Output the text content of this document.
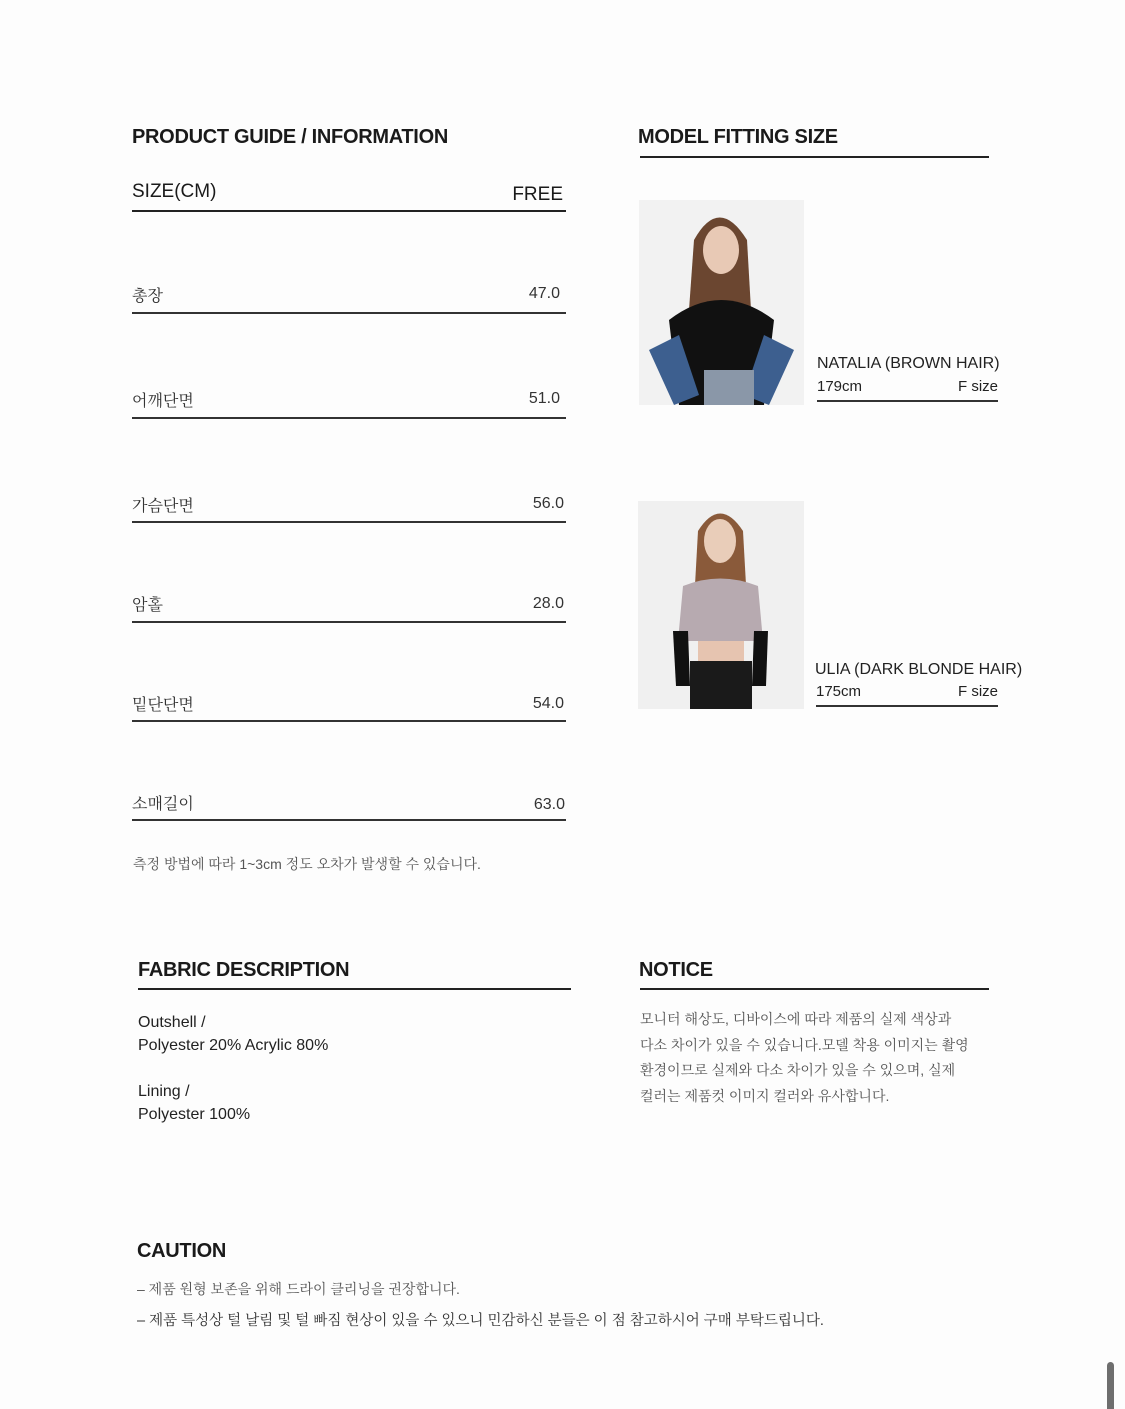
PRODUCT GUIDE / INFORMATION
SIZE(CM)	FREE
총장	47.0
어깨단면	51.0
가슴단면	56.0
암홀	28.0
밑단단면	54.0
소매길이	63.0
측정 방법에 따라 1~3cm 정도 오차가 발생할 수 있습니다.
MODEL FITTING SIZE
NATALIA (BROWN HAIR)
179cm	F size
ULIA (DARK BLONDE HAIR)
175cm	F size
FABRIC DESCRIPTION
Outshell /
Polyester 20% Acrylic 80%
Lining /
Polyester 100%
NOTICE
모니터 해상도, 디바이스에 따라 제품의 실제 색상과
다소 차이가 있을 수 있습니다.모델 착용 이미지는 촬영
환경이므로 실제와 다소 차이가 있을 수 있으며, 실제
컬러는 제품컷 이미지 컬러와 유사합니다.
CAUTION
– 제품 원형 보존을 위해 드라이 클리닝을 권장합니다.
– 제품 특성상 털 날림 및 털 빠짐 현상이 있을 수 있으니 민감하신 분들은 이 점 참고하시어 구매 부탁드립니다.
